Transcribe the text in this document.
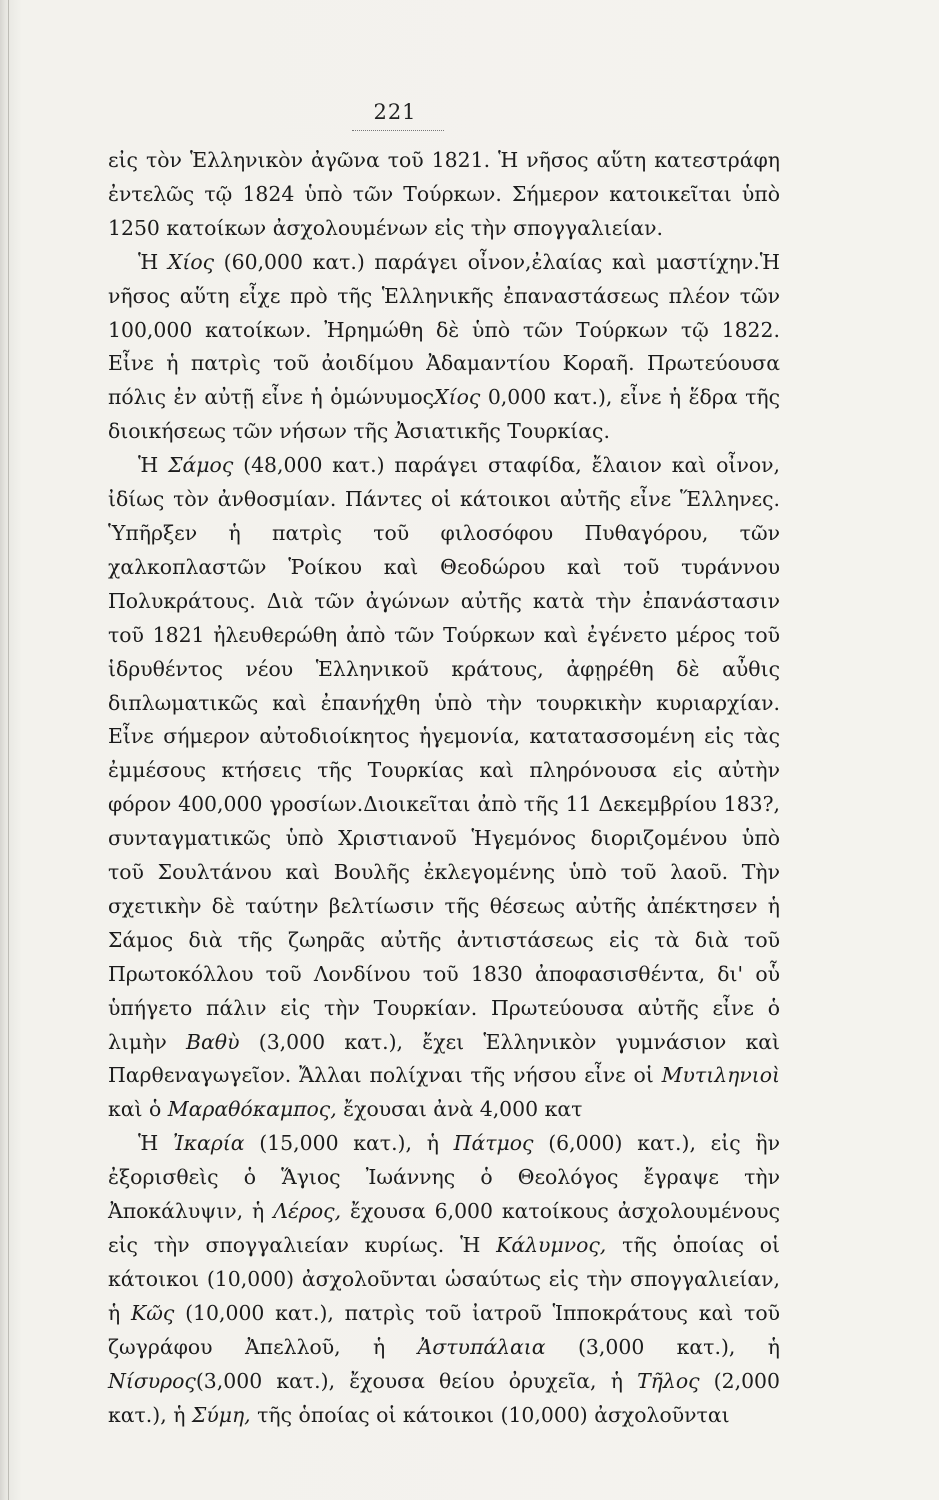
221

εἰς τὸν Ἑλληνικὸν ἀγῶνα τοῦ 1821. Ἡ νῆσος αὕτη κατεστράφη ἐντελῶς τῷ 1824 ὑπὸ τῶν Τούρκων. Σήμερον κατοικεῖται ὑπὸ 1250 κατοίκων ἀσχολουμένων εἰς τὴν σπογγαλιείαν.

Ἡ Χίος (60,000 κατ.) παράγει οἶνον,ἐλαίας καὶ μαστίχην.Ἡ νῆσος αὕτη εἶχε πρὸ τῆς Ἑλληνικῆς ἐπαναστάσεως πλέον τῶν 100,000 κατοίκων. Ἠρημώθη δὲ ὑπὸ τῶν Τούρκων τῷ 1822. Εἶνε ἡ πατρὶς τοῦ ἀοιδίμου Ἀδαμαντίου Κοραῆ. Πρωτεύουσα πόλις ἐν αὐτῇ εἶνε ἡ ὁμώνυμοςΧίος 0,000 κατ.), εἶνε ἡ ἕδρα τῆς διοικήσεως τῶν νήσων τῆς Ἀσιατικῆς Τουρκίας.

Ἡ Σάμος (48,000 κατ.) παράγει σταφίδα, ἔλαιον καὶ οἶνον, ἰδίως τὸν ἀνθοσμίαν. Πάντες οἱ κάτοικοι αὐτῆς εἶνε Ἕλληνες. Ὑπῆρξεν ἡ πατρὶς τοῦ φιλοσόφου Πυθαγόρου, τῶν χαλκοπλαστῶν Ῥοίκου καὶ Θεοδώρου καὶ τοῦ τυράννου Πολυκράτους. Διὰ τῶν ἀγώνων αὐτῆς κατὰ τὴν ἐπανάστασιν τοῦ 1821 ἠλευθερώθη ἀπὸ τῶν Τούρκων καὶ ἐγένετο μέρος τοῦ ἱδρυθέντος νέου Ἑλληνικοῦ κράτους, ἀφῃρέθη δὲ αὖθις διπλωματικῶς καὶ ἐπανήχθη ὑπὸ τὴν τουρκικὴν κυριαρχίαν. Εἶνε σήμερον αὐτοδιοίκητος ἡγεμονία, κατατασσομένη εἰς τὰς ἐμμέσους κτήσεις τῆς Τουρκίας καὶ πληρόνουσα εἰς αὐτὴν φόρον 400,000 γροσίων.Διοικεῖται ἀπὸ τῆς 11 Δεκεμβρίου 183?, συνταγματικῶς ὑπὸ Χριστιανοῦ Ἡγεμόνος διοριζομένου ὑπὸ τοῦ Σουλτάνου καὶ Βουλῆς ἐκλεγομένης ὑπὸ τοῦ λαοῦ. Τὴν σχετικὴν δὲ ταύτην βελτίωσιν τῆς θέσεως αὐτῆς ἀπέκτησεν ἡ Σάμος διὰ τῆς ζωηρᾶς αὐτῆς ἀντιστάσεως εἰς τὰ διὰ τοῦ Πρωτοκόλλου τοῦ Λονδίνου τοῦ 1830 ἀποφασισθέντα, δι' οὗ ὑπήγετο πάλιν εἰς τὴν Τουρκίαν. Πρωτεύουσα αὐτῆς εἶνε ὁ λιμὴν Βαθὺ (3,000 κατ.), ἔχει Ἑλληνικὸν γυμνάσιον καὶ Παρθεναγωγεῖον. Ἄλλαι πολίχναι τῆς νήσου εἶνε οἱ Μυτιληνιοὶ καὶ ὁ Μαραθόκαμπος, ἔχουσαι ἀνὰ 4,000 κατ

Ἡ Ἰκαρία (15,000 κατ.), ἡ Πάτμος (6,000) κατ.), εἰς ἣν ἐξορισθεὶς ὁ Ἅγιος Ἰωάννης ὁ Θεολόγος ἔγραψε τὴν Ἀποκάλυψιν, ἡ Λέρος, ἔχουσα 6,000 κατοίκους ἀσχολουμένους εἰς τὴν σπογγαλιείαν κυρίως. Ἡ Κάλυμνος, τῆς ὁποίας οἱ κάτοικοι (10,000) ἀσχολοῦνται ὡσαύτως εἰς τὴν σπογγαλιείαν, ἡ Κῶς (10,000 κατ.), πατρὶς τοῦ ἰατροῦ Ἱπποκράτους καὶ τοῦ ζωγράφου Ἀπελλοῦ, ἡ Ἀστυπάλαια (3,000 κατ.), ἡ Νίσυρος(3,000 κατ.), ἔχουσα θείου ὀρυχεῖα, ἡ Τῆλος (2,000 κατ.), ἡ Σύμη, τῆς ὁποίας οἱ κάτοικοι (10,000) ἀσχολοῦνται
